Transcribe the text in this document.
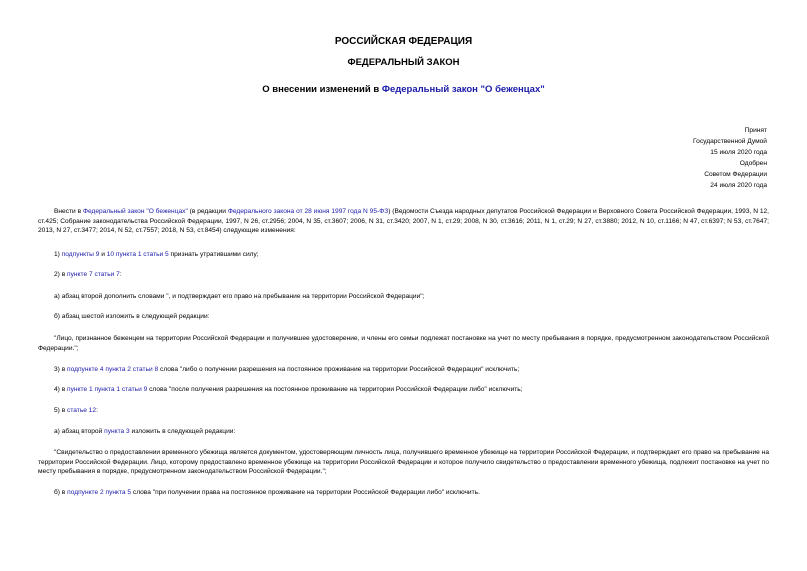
РОССИЙСКАЯ ФЕДЕРАЦИЯ
ФЕДЕРАЛЬНЫЙ ЗАКОН
О внесении изменений в Федеральный закон "О беженцах"
Принят
Государственной Думой
15 июля 2020 года
Одобрен
Советом Федерации
24 июля 2020 года

Внести в Федеральный закон "О беженцах" (в редакции Федерального закона от 28 июня 1997 года N 95-ФЗ) (Ведомости Съезда народных депутатов Российской Федерации и Верховного Совета Российской Федерации, 1993, N 12, ст.425; Собрание законодательства Российской Федерации, 1997, N 26, ст.2956; 2004, N 35, ст.3607; 2006, N 31, ст.3420; 2007, N 1, ст.29; 2008, N 30, ст.3616; 2011, N 1, ст.29; N 27, ст.3880; 2012, N 10, ст.1166; N 47, ст.6397; N 53, ст.7647; 2013, N 27, ст.3477; 2014, N 52, ст.7557; 2018, N 53, ст.8454) следующие изменения:

1) подпункты 9 и 10 пункта 1 статьи 5 признать утратившими силу;

2) в пункте 7 статьи 7:

а) абзац второй дополнить словами ", и подтверждает его право на пребывание на территории Российской Федерации";

б) абзац шестой изложить в следующей редакции:

"Лицо, признанное беженцем на территории Российской Федерации и получившее удостоверение, и члены его семьи подлежат постановке на учет по месту пребывания в порядке, предусмотренном законодательством Российской Федерации.";

3) в подпункте 4 пункта 2 статьи 8 слова "либо о получении разрешения на постоянное проживание на территории Российской Федерации" исключить;

4) в пункте 1 пункта 1 статьи 9 слова "после получения разрешения на постоянное проживание на территории Российской Федерации либо" исключить;

5) в статье 12:

а) абзац второй пункта 3 изложить в следующей редакции:

"Свидетельство о предоставлении временного убежища является документом, удостоверяющим личность лица, получившего временное убежище на территории Российской Федерации, и подтверждает его право на пребывание на территории Российской Федерации. Лицо, которому предоставлено временное убежище на территории Российской Федерации и которое получило свидетельство о предоставлении временного убежища, подлежит постановке на учет по месту пребывания в порядке, предусмотренном законодательством Российской Федерации.";

б) в подпункте 2 пункта 5 слова "при получении права на постоянное проживание на территории Российской Федерации либо" исключить.
